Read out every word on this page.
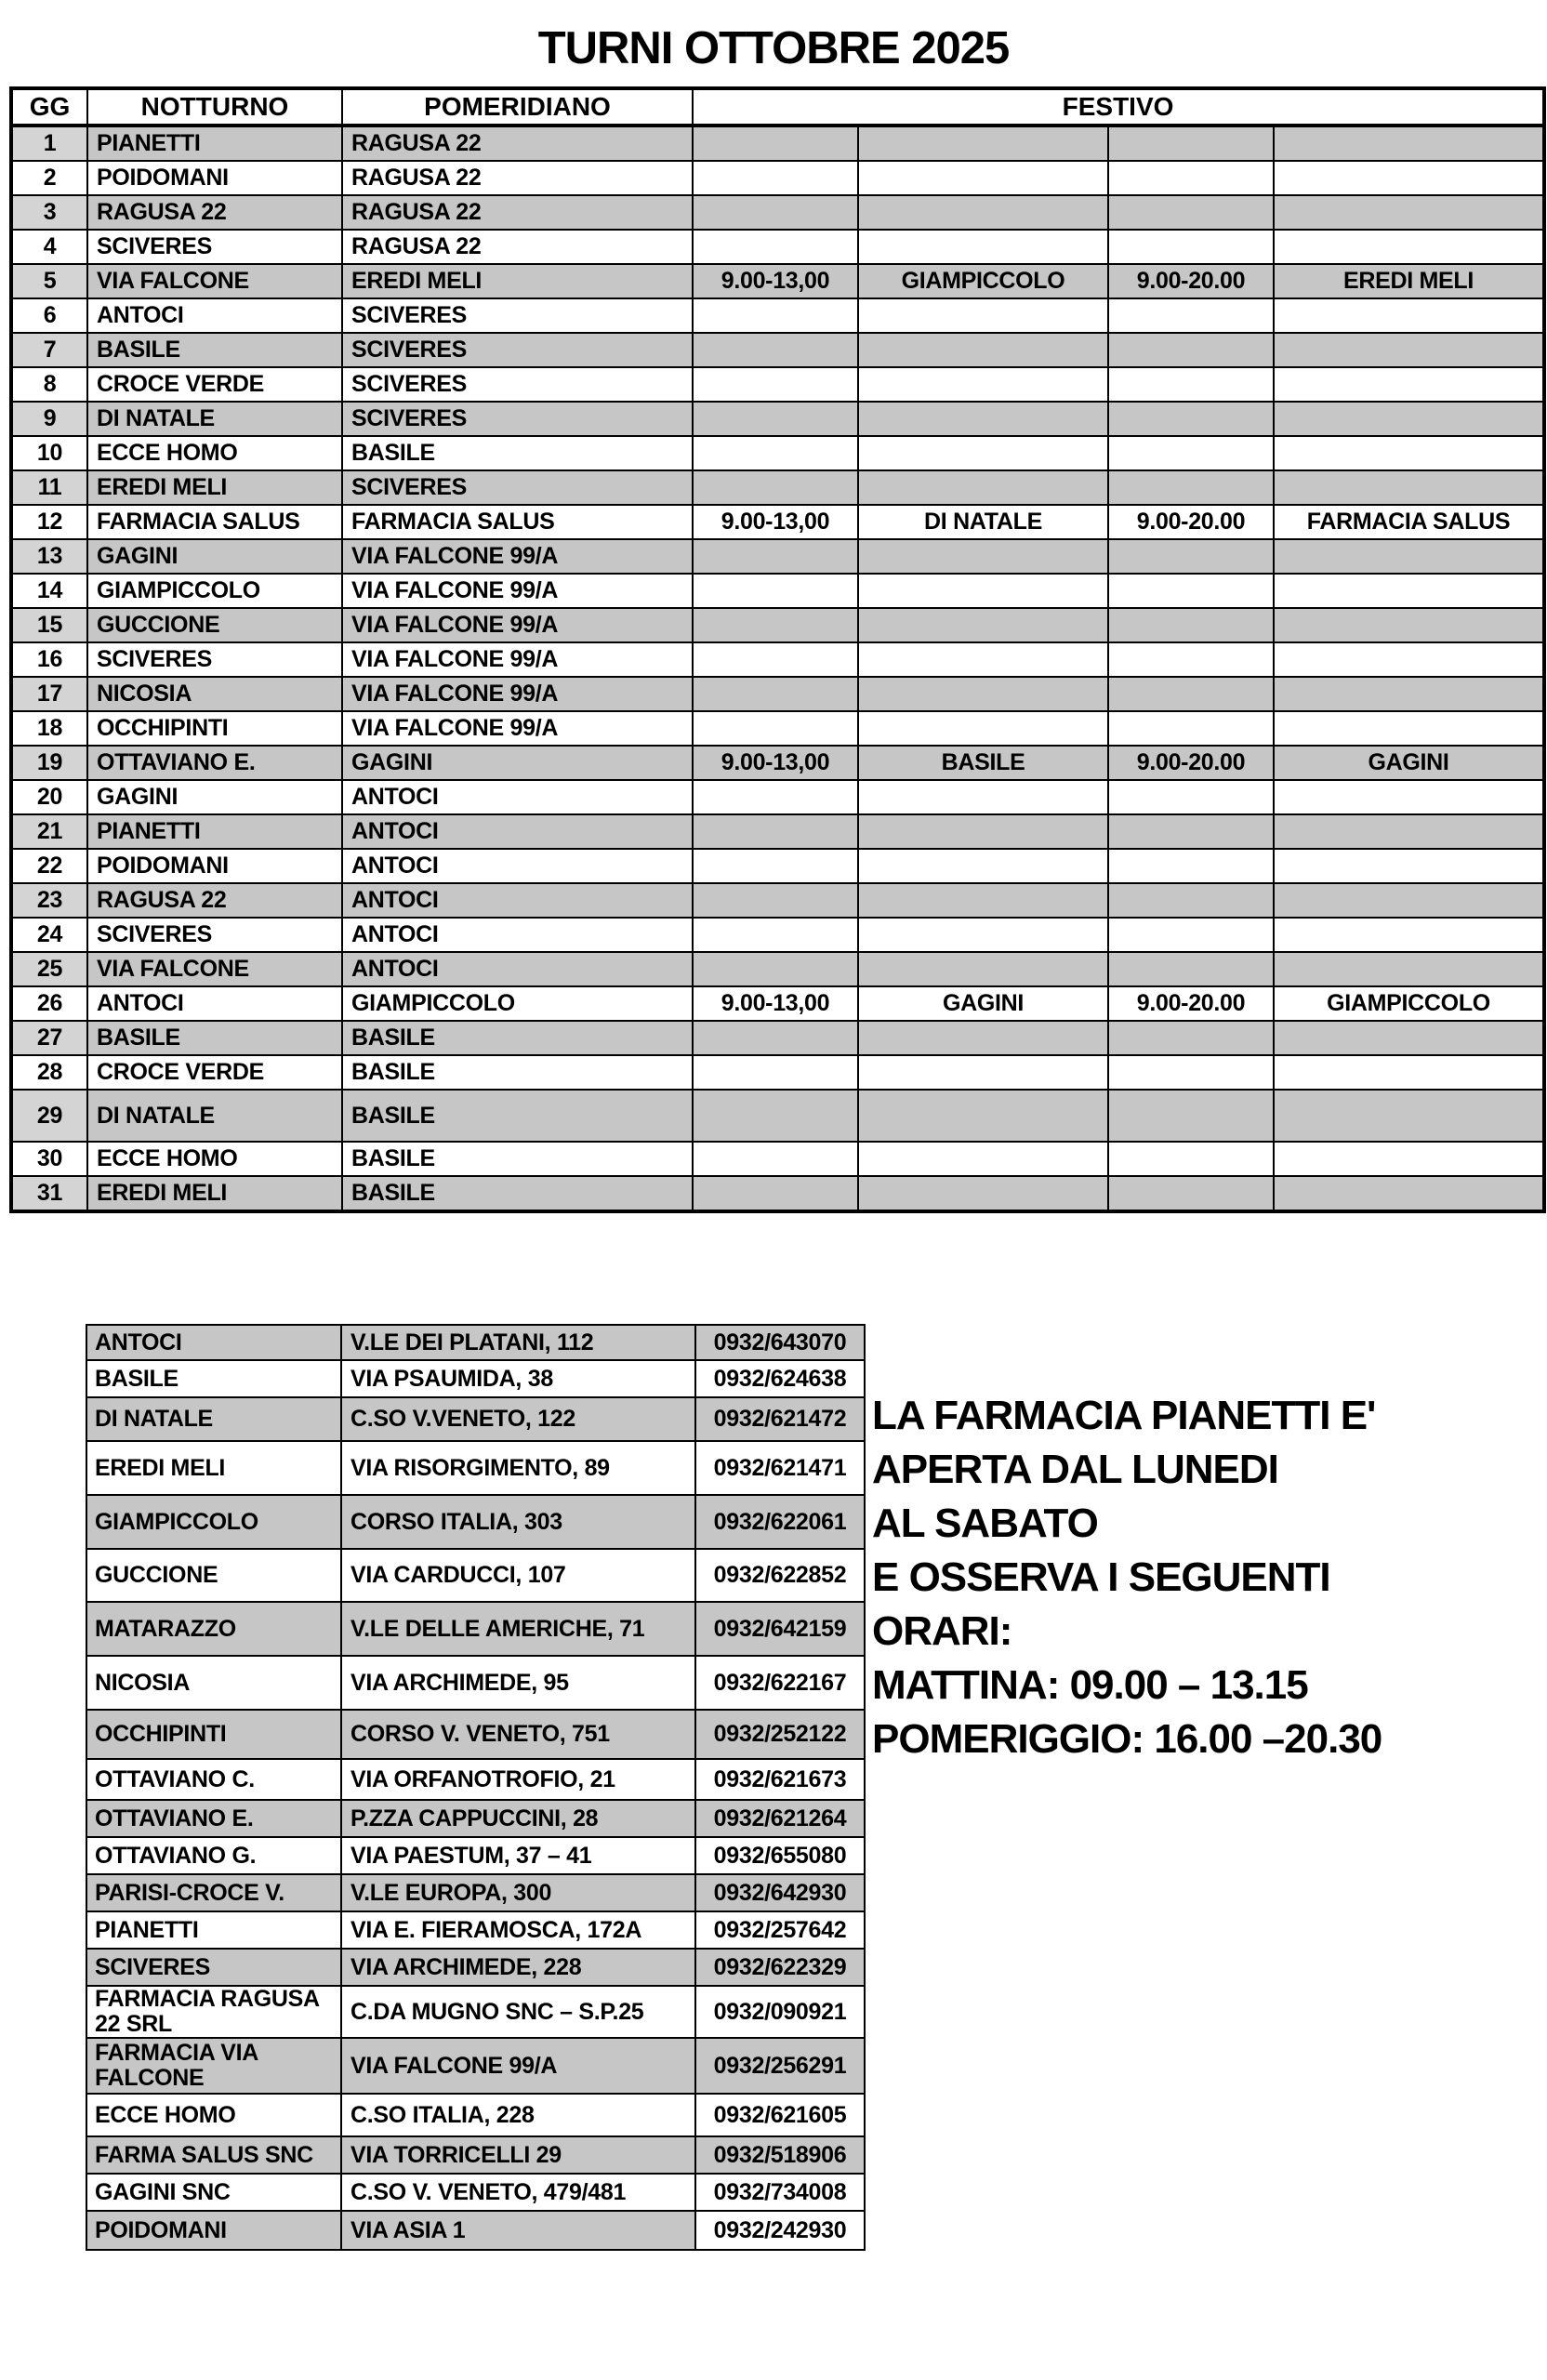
TURNI OTTOBRE 2025
GG	NOTTURNO	POMERIDIANO	FESTIVO			
1	PIANETTI	RAGUSA 22				
2	POIDOMANI	RAGUSA 22				
3	RAGUSA 22	RAGUSA 22				
4	SCIVERES	RAGUSA 22				
5	VIA FALCONE	EREDI MELI	9.00-13,00	GIAMPICCOLO	9.00-20.00	EREDI MELI
6	ANTOCI	SCIVERES				
7	BASILE	SCIVERES				
8	CROCE VERDE	SCIVERES				
9	DI NATALE	SCIVERES				
10	ECCE HOMO	BASILE				
11	EREDI MELI	SCIVERES				
12	FARMACIA SALUS	FARMACIA SALUS	9.00-13,00	DI NATALE	9.00-20.00	FARMACIA SALUS
13	GAGINI	VIA FALCONE 99/A				
14	GIAMPICCOLO	VIA FALCONE 99/A				
15	GUCCIONE	VIA FALCONE 99/A				
16	SCIVERES	VIA FALCONE 99/A				
17	NICOSIA	VIA FALCONE 99/A				
18	OCCHIPINTI	VIA FALCONE 99/A				
19	OTTAVIANO E.	GAGINI	9.00-13,00	BASILE	9.00-20.00	GAGINI
20	GAGINI	ANTOCI				
21	PIANETTI	ANTOCI				
22	POIDOMANI	ANTOCI				
23	RAGUSA 22	ANTOCI				
24	SCIVERES	ANTOCI				
25	VIA FALCONE	ANTOCI				
26	ANTOCI	GIAMPICCOLO	9.00-13,00	GAGINI	9.00-20.00	GIAMPICCOLO
27	BASILE	BASILE				
28	CROCE VERDE	BASILE				
29	DI NATALE	BASILE				
30	ECCE HOMO	BASILE				
31	EREDI MELI	BASILE				
ANTOCI	V.LE DEI PLATANI, 112	0932/643070
BASILE	VIA PSAUMIDA, 38	0932/624638
DI NATALE	C.SO V.VENETO, 122	0932/621472
EREDI MELI	VIA RISORGIMENTO, 89	0932/621471
GIAMPICCOLO	CORSO ITALIA, 303	0932/622061
GUCCIONE	VIA CARDUCCI, 107	0932/622852
MATARAZZO	V.LE DELLE AMERICHE, 71	0932/642159
NICOSIA	VIA ARCHIMEDE, 95	0932/622167
OCCHIPINTI	CORSO V. VENETO, 751	0932/252122
OTTAVIANO C.	VIA ORFANOTROFIO, 21	0932/621673
OTTAVIANO E.	P.ZZA CAPPUCCINI, 28	0932/621264
OTTAVIANO G.	VIA PAESTUM, 37 – 41	0932/655080
PARISI-CROCE V.	V.LE EUROPA, 300	0932/642930
PIANETTI	VIA E. FIERAMOSCA, 172A	0932/257642
SCIVERES	VIA ARCHIMEDE, 228	0932/622329
FARMACIA RAGUSA 22 SRL	C.DA MUGNO SNC – S.P.25	0932/090921
FARMACIA VIA FALCONE	VIA FALCONE 99/A	0932/256291
ECCE HOMO	C.SO ITALIA, 228	0932/621605
FARMA SALUS SNC	VIA TORRICELLI 29	0932/518906
GAGINI SNC	C.SO V. VENETO, 479/481	0932/734008
POIDOMANI	VIA ASIA 1	0932/242930
LA FARMACIA PIANETTI E'
APERTA DAL LUNEDI
AL SABATO
E OSSERVA I SEGUENTI
ORARI:
MATTINA: 09.00 – 13.15
POMERIGGIO: 16.00 –20.30
